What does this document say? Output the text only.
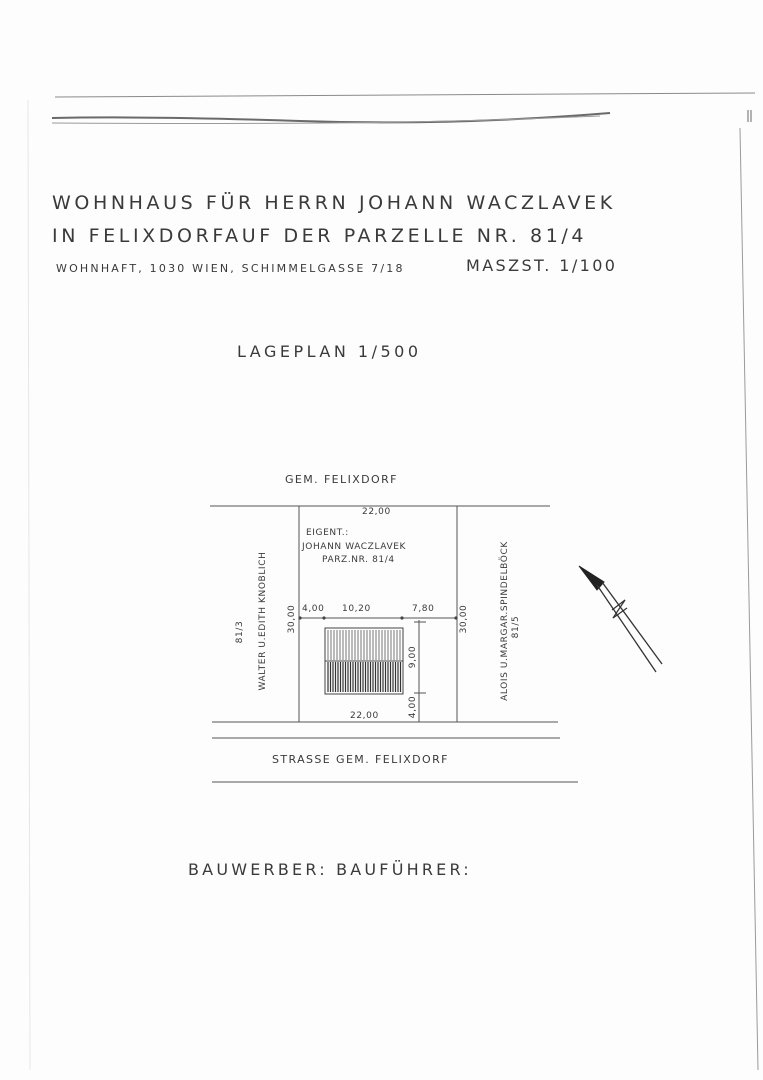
WOHNHAUS FÜR HERRN JOHANN WACZLAVEK
IN FELIXDORFAUF DER PARZELLE NR. 81/4
WOHNHAFT, 1030 WIEN, SCHIMMELGASSE 7/18	MASZST. 1/100
LAGEPLAN 1/500
GEM. FELIXDORF
22,00
EIGENT.:
JOHANN WACZLAVEK
PARZ.NR. 81/4
WALTER U.EDITH KNOBLICH
81/3	ALOIS U.MARGAR.SPINDELBÖCK 81/5
4,00 10,20	7,80
30,00	30,00
9,00
4,00
22,00
STRASSE GEM. FELIXDORF
BAUWERBER: BAUFÜHRER:
